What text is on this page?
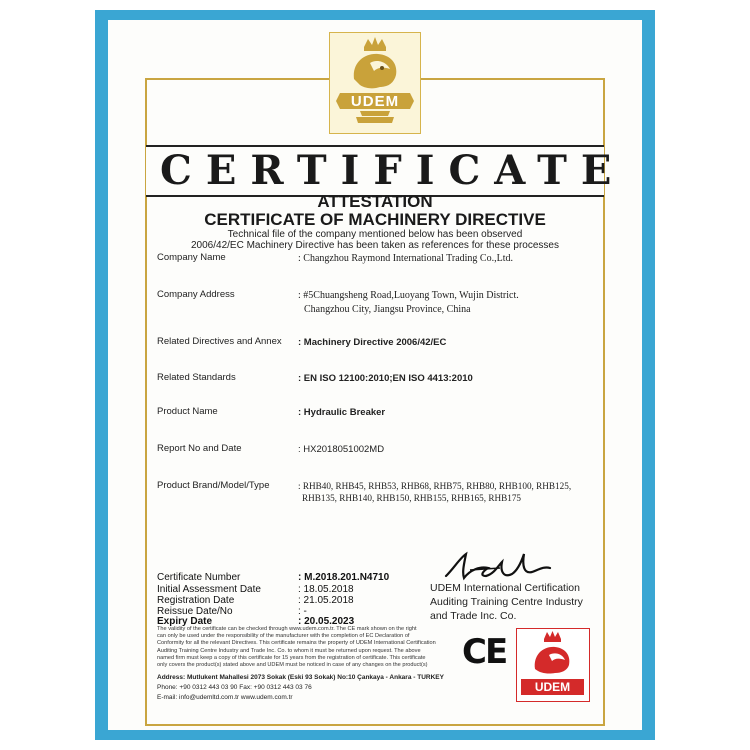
UDEM
CERTIFICATE
ATTESTATION
CERTIFICATE OF MACHINERY DIRECTIVE
Technical file of the company mentioned below has been observed
2006/42/EC Machinery Directive has been taken as references for these processes
Company Name	: Changzhou Raymond International Trading Co.,Ltd.
Company Address	: #5Chuangsheng Road,Luoyang Town, Wujin District.
Changzhou City, Jiangsu Province, China
Related Directives and Annex : Machinery Directive 2006/42/EC
Related Standards	: EN ISO 12100:2010;EN ISO 4413:2010
Product Name	: Hydraulic Breaker
Report No and Date	: HX2018051002MD
Product Brand/Model/Type	: RHB40, RHB45, RHB53, RHB68, RHB75, RHB80, RHB100, RHB125,
RHB135, RHB140, RHB150, RHB155, RHB165, RHB175
Certificate Number	: M.2018.201.N4710
Initial Assessment Date	: 18.05.2018
Registration Date	: 21.05.2018
Reissue Date/No	: -
Expiry Date	: 20.05.2023
UDEM International Certification
Auditing Training Centre Industry
and Trade Inc. Co.
The validity of the certificate can be checked through www.udem.com.tr. The CE mark shown on the right
can only be used under the responsibility of the manufacturer with the completion of EC Declaration of
Conformity for all the relevant Directives. This certificate remains the property of UDEM International Certification
Auditing Training Centre Industry and Trade Inc. Co. to whom it must be returned upon request. The above
named firm must keep a copy of this certificate for 15 years from the registration of certificate. This certificate
only covers the product(s) stated above and UDEM must be noticed in case of any changes on the product(s)
Address: Mutlukent Mahallesi 2073 Sokak (Eski 93 Sokak) No:10 Çankaya - Ankara - TURKEY
Phone: +90 0312 443 03 90 Fax: +90 0312 443 03 76
E-mail: info@udemltd.com.tr www.udem.com.tr
CE
UDEM
